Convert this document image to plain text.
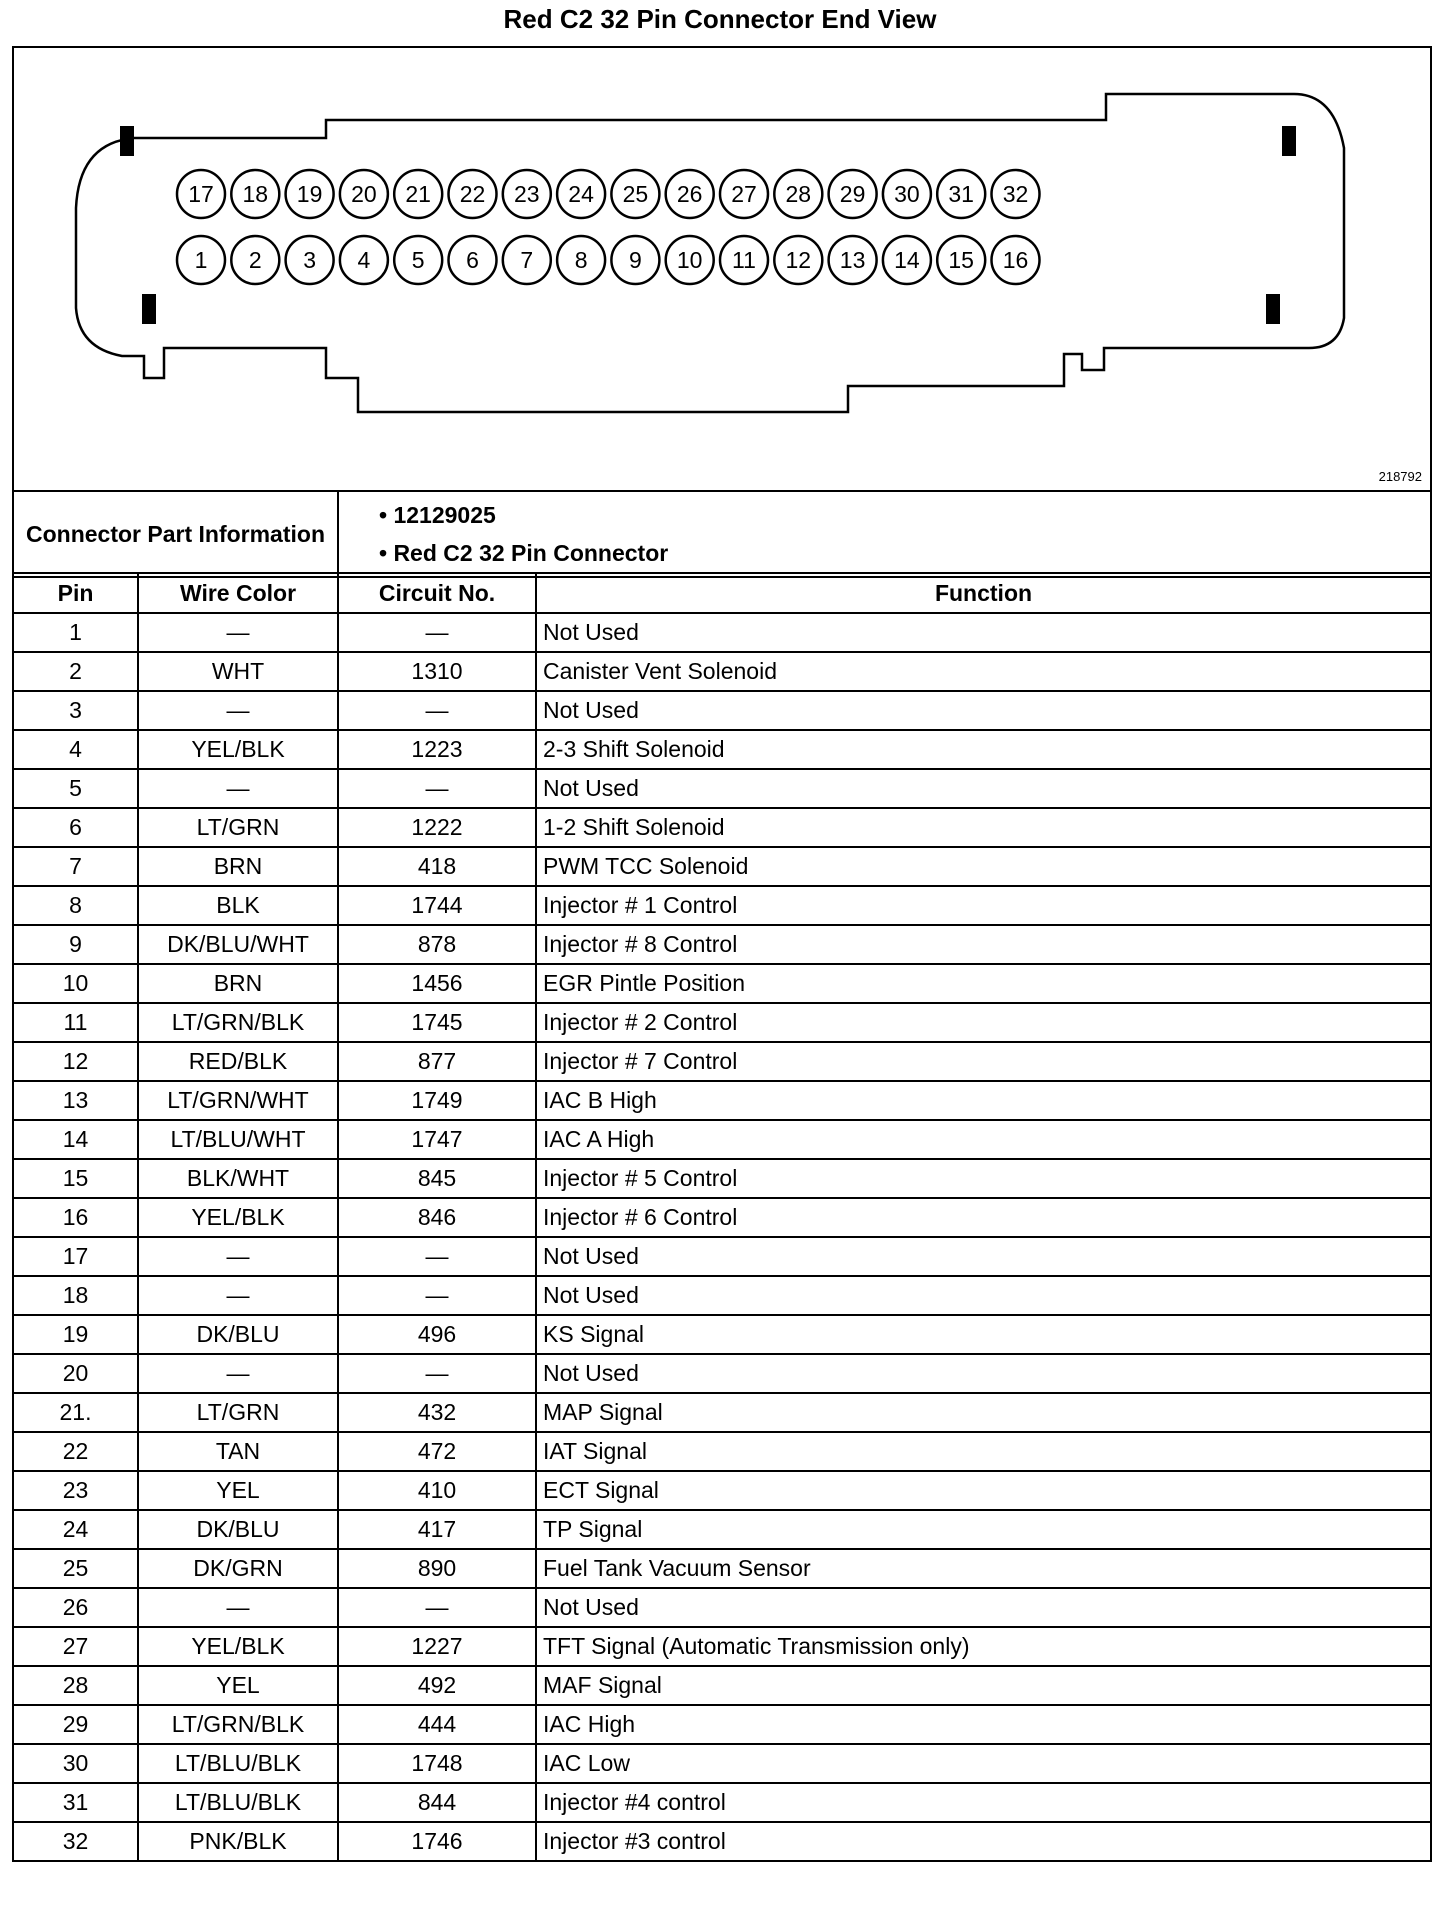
Red C2 32 Pin Connector End View
17 18 19 20 21 22 23 24 25 26 27 28 29 30 31 32
1 2 3 4 5 6 7 8 9 10 11 12 13 14 15 16
218792
Connector Part Information	
• 12129025
• Red C2 32 Pin Connector
Pin	Wire Color	Circuit No.	Function
1	—	—	Not Used
2	WHT	1310	Canister Vent Solenoid
3	—	—	Not Used
4	YEL/BLK	1223	2-3 Shift Solenoid
5	—	—	Not Used
6	LT/GRN	1222	1-2 Shift Solenoid
7	BRN	418	PWM TCC Solenoid
8	BLK	1744	Injector # 1 Control
9	DK/BLU/WHT	878	Injector # 8 Control
10	BRN	1456	EGR Pintle Position
11	LT/GRN/BLK	1745	Injector # 2 Control
12	RED/BLK	877	Injector # 7 Control
13	LT/GRN/WHT	1749	IAC B High
14	LT/BLU/WHT	1747	IAC A High
15	BLK/WHT	845	Injector # 5 Control
16	YEL/BLK	846	Injector # 6 Control
17	—	—	Not Used
18	—	—	Not Used
19	DK/BLU	496	KS Signal
20	—	—	Not Used
21.	LT/GRN	432	MAP Signal
22	TAN	472	IAT Signal
23	YEL	410	ECT Signal
24	DK/BLU	417	TP Signal
25	DK/GRN	890	Fuel Tank Vacuum Sensor
26	—	—	Not Used
27	YEL/BLK	1227	TFT Signal (Automatic Transmission only)
28	YEL	492	MAF Signal
29	LT/GRN/BLK	444	IAC High
30	LT/BLU/BLK	1748	IAC Low
31	LT/BLU/BLK	844	Injector #4 control
32	PNK/BLK	1746	Injector #3 control
